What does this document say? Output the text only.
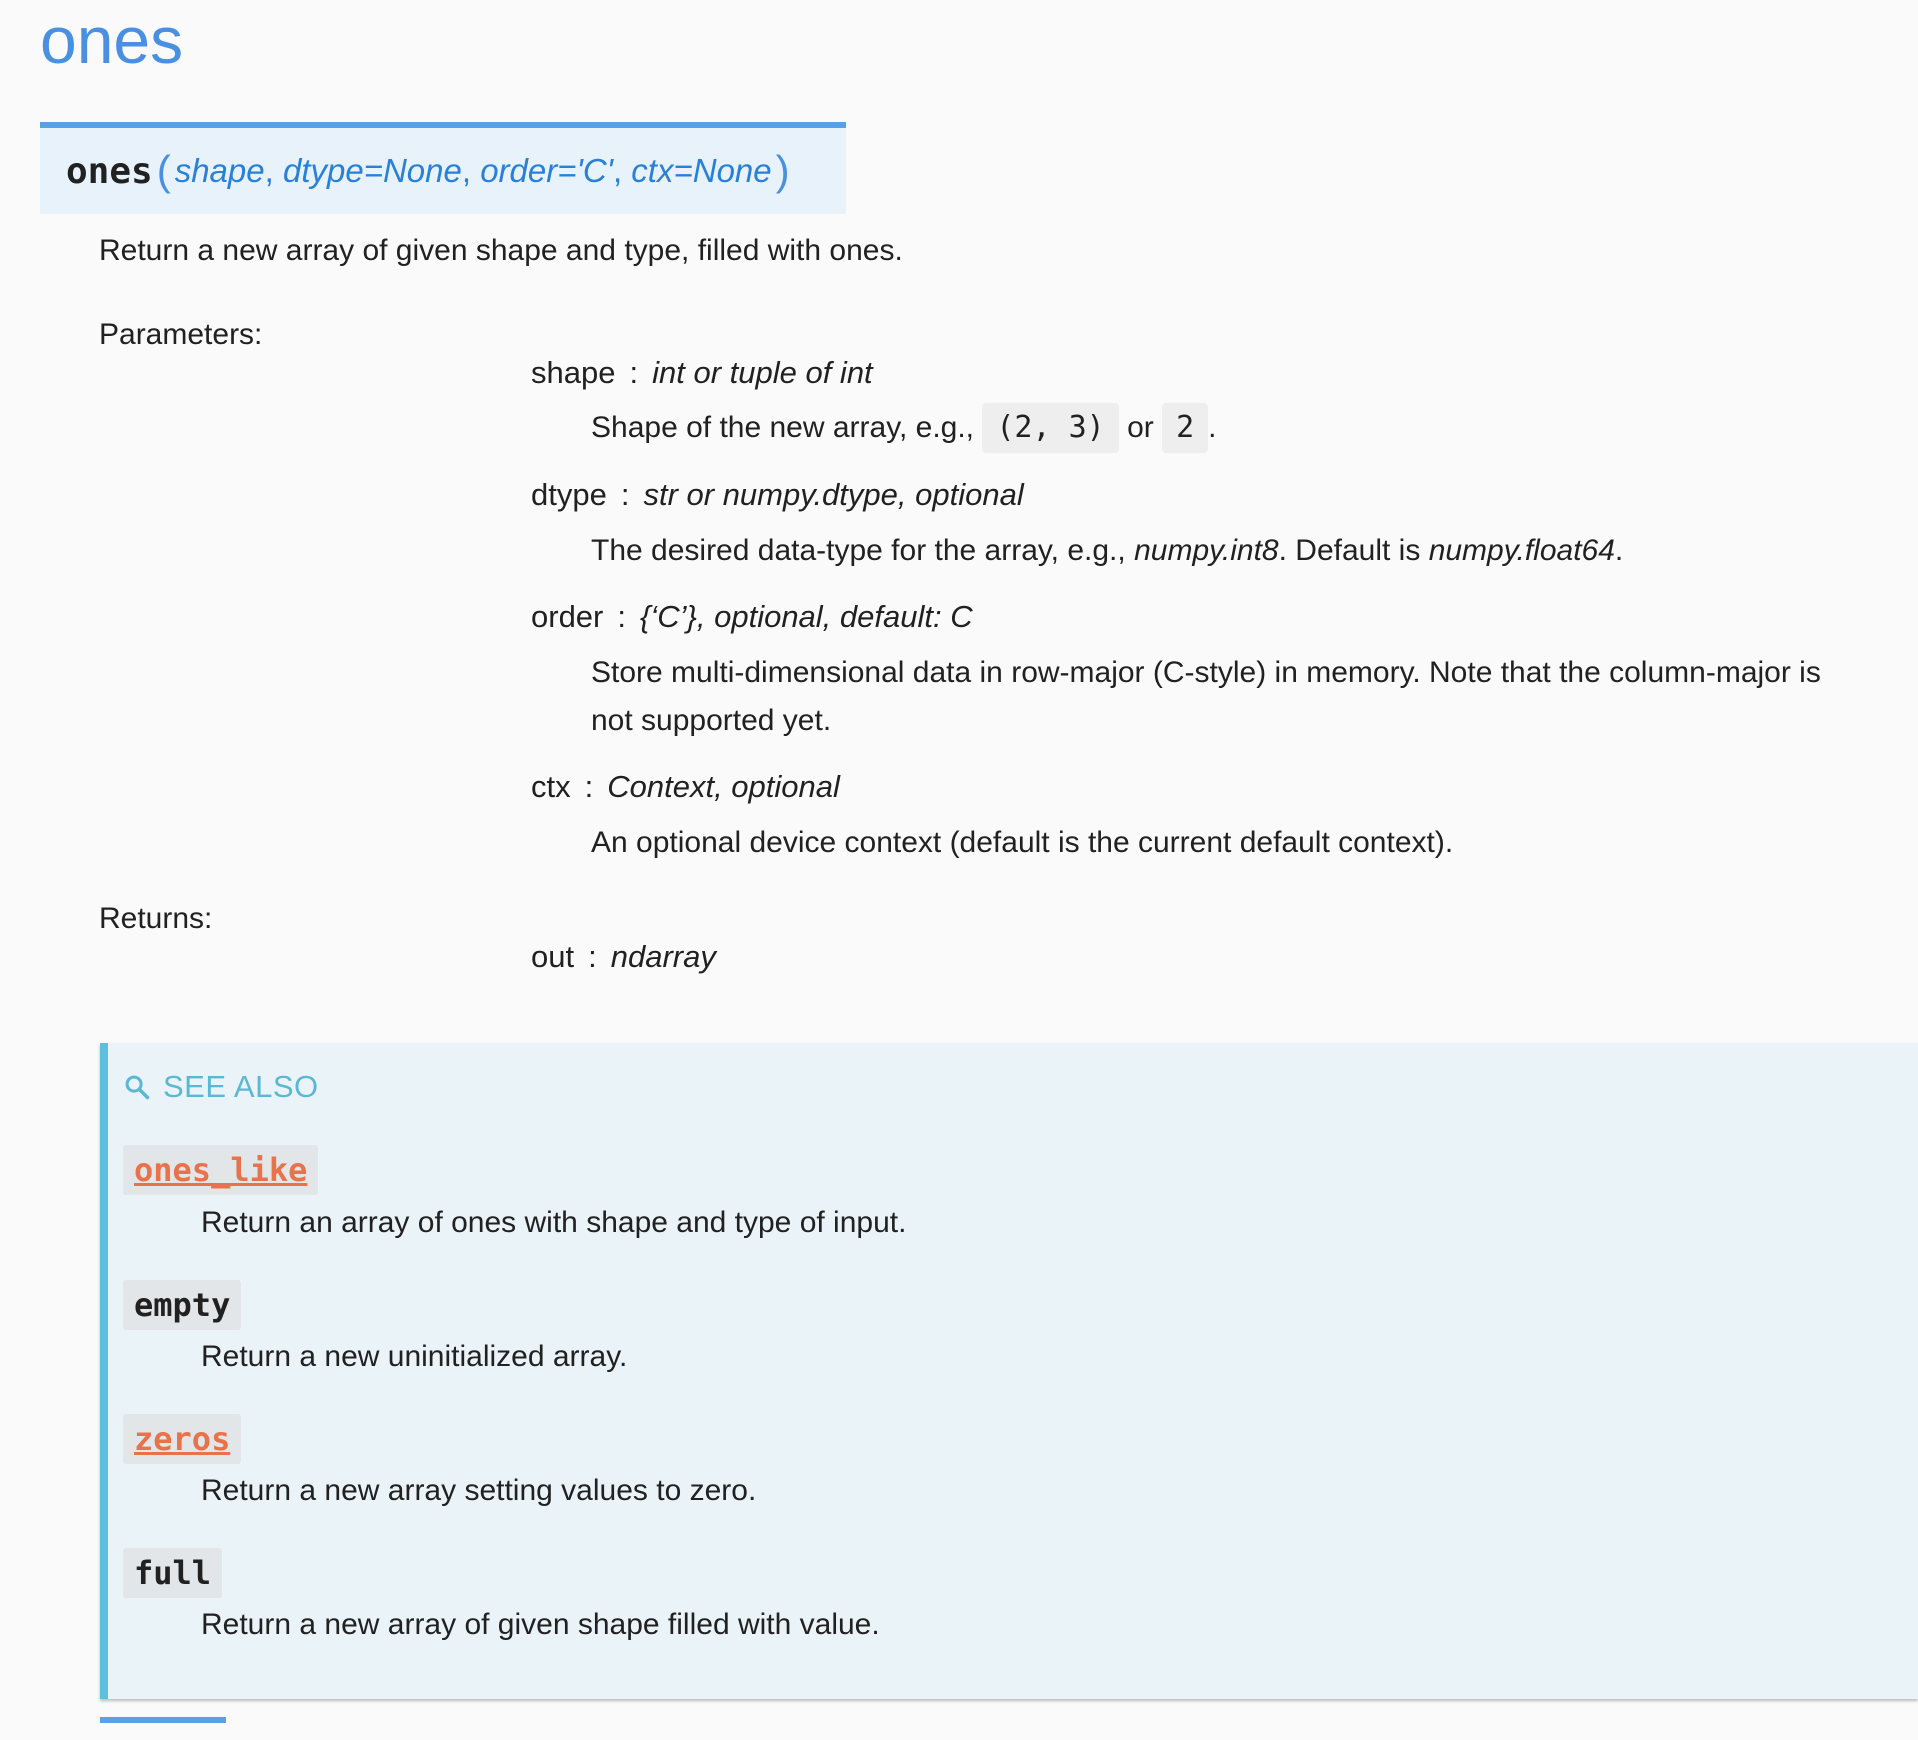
ones
ones ( shape, dtype=None, order='C', ctx=None )
Return a new array of given shape and type, filled with ones.
Parameters:
shape : int or tuple of int
Shape of the new array, e.g., (2, 3) or 2 .
dtype : str or numpy.dtype, optional
The desired data-type for the array, e.g., numpy.int8. Default is numpy.float64.
order : {‘C’}, optional, default: C
Store multi-dimensional data in row-major (C-style) in memory. Note that the column-major is
not supported yet.
ctx : Context, optional
An optional device context (default is the current default context).
out : ndarray
Returns:
SEE ALSO
ones_like
Return an array of ones with shape and type of input.
empty
Return a new uninitialized array.
zeros
Return a new array setting values to zero.
full
Return a new array of given shape filled with value.
